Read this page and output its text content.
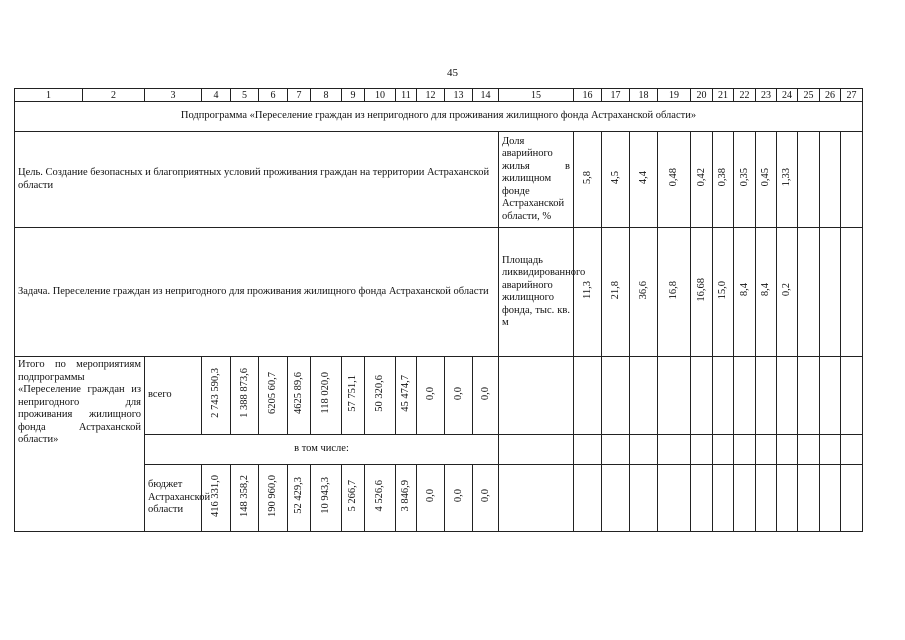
45
1	2	3	4	5	6	7	8	9	10	11	12	13	14	15	16	17	18	19	20	21	22	23	24	25	26	27
Подпрограмма «Переселение граждан из непригодного для проживания жилищного фонда Астраханской области»																										
Цель. Создание безопасных и благоприятных условий проживания граждан на территории Астраханской области														Доля аварийного жилья в жилищном фонде Астраханской области, %	5,8	4,5	4,4	0,48	0,42	0,38	0,35	0,45	1,33			
Задача. Переселение граждан из непригодного для проживания жилищного фонда Астраханской области														Площадь ликвидированного аварийного жилищного фонда, тыс. кв. м	11,3	21,8	36,6	16,8	16,68	15,0	8,4	8,4	0,2			
Итого по мероприятиям подпрограммы «Переселение граждан из непригодного для проживания жилищного фонда Астраханской области»		всего	2 743 590,3	1 388 873,6	6205 60,7	4625 89,6	118 020,0	57 751,1	50 320,6	45 474,7	0,0	0,0	0,0													
		в том числе:																								
		бюджет Астраханской области	416 331,0	148 358,2	190 960,0	52 429,3	10 943,3	5 266,7	4 526,6	3 846,9	0,0	0,0	0,0													
